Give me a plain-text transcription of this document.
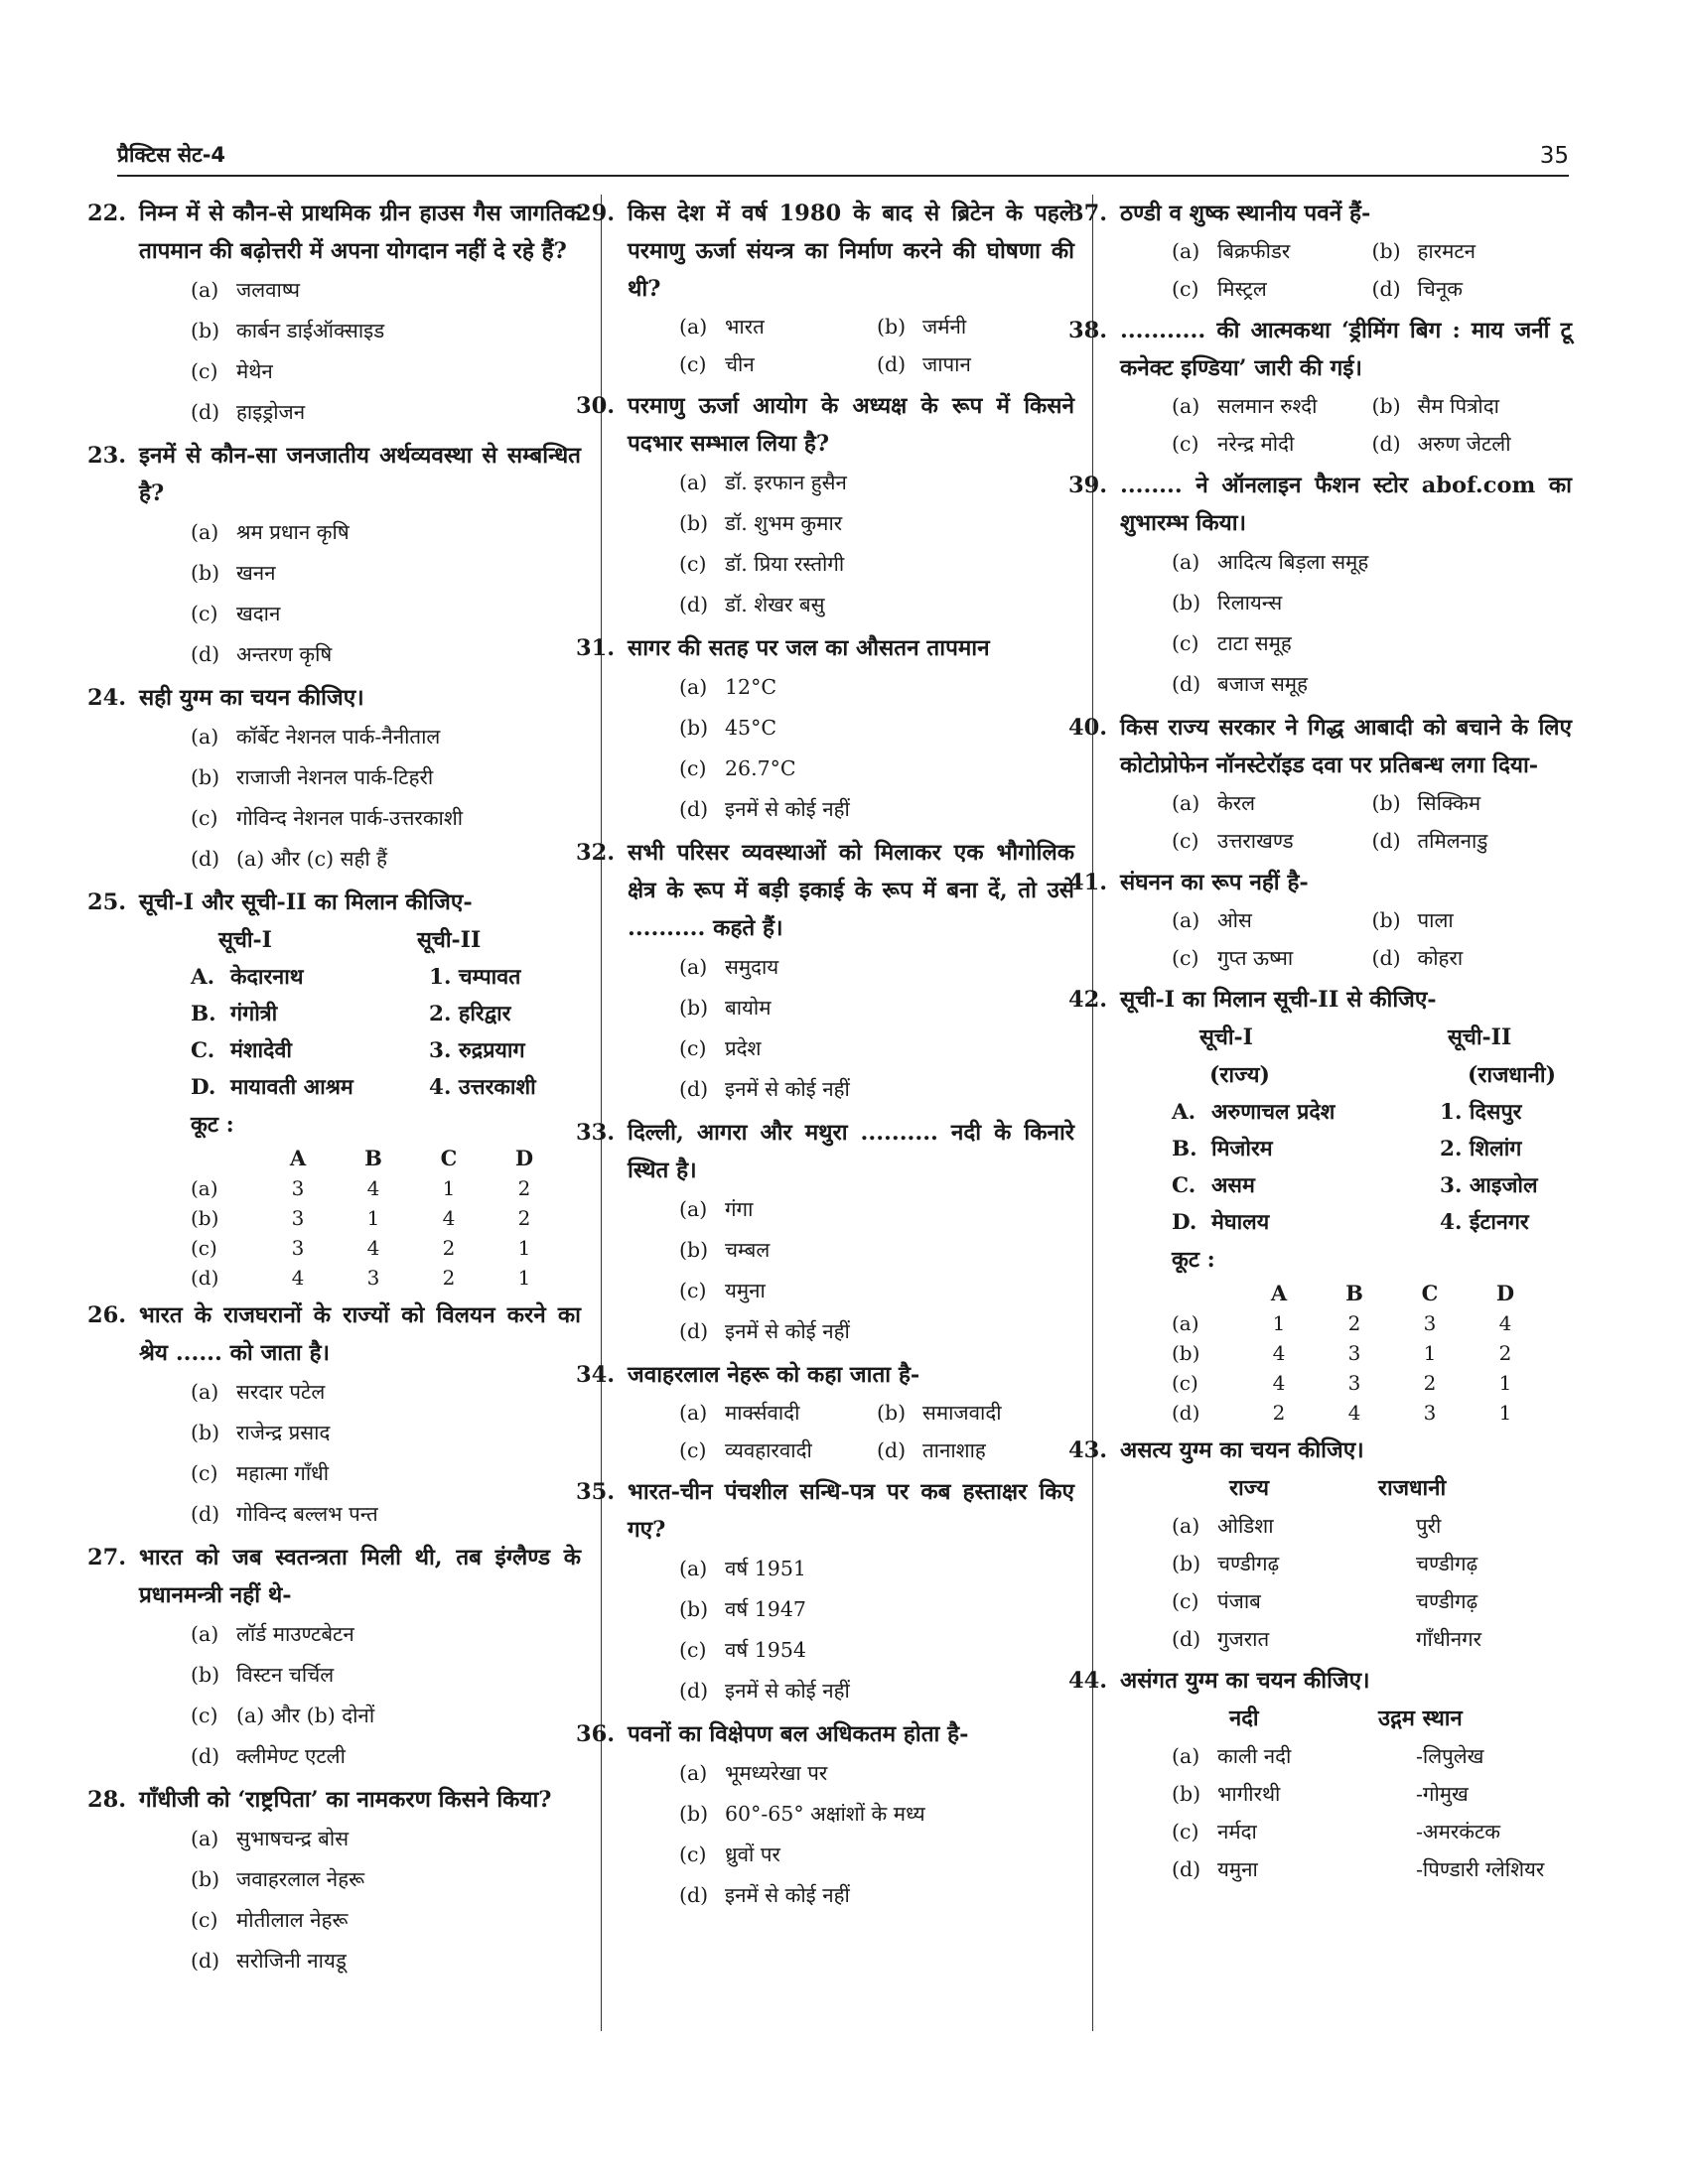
प्रैक्टिस सेट-4	35
22. निम्न में से कौन-से प्राथमिक ग्रीन हाउस गैस जागतिक तापमान की बढ़ोत्तरी में अपना योगदान नहीं दे रहे हैं?
(a) जलवाष्प
(b) कार्बन डाईऑक्साइड
(c) मेथेन
(d) हाइड्रोजन
23. इनमें से कौन-सा जनजातीय अर्थव्यवस्था से सम्बन्धित है?
(a) श्रम प्रधान कृषि
(b) खनन
(c) खदान
(d) अन्तरण कृषि
24. सही युग्म का चयन कीजिए।
(a) कॉर्बेट नेशनल पार्क-नैनीताल
(b) राजाजी नेशनल पार्क-टिहरी
(c) गोविन्द नेशनल पार्क-उत्तरकाशी
(d) (a) और (c) सही हैं
25. सूची-I और सूची-II का मिलान कीजिए-
सूची-I	सूची-II
A. केदारनाथ	1. चम्पावत
B. गंगोत्री	2. हरिद्वार
C. मंशादेवी	3. रुद्रप्रयाग
D. मायावती आश्रम	4. उत्तरकाशी
कूट :
	A	B	C	D
(a)	3	4	1	2
(b)	3	1	4	2
(c)	3	4	2	1
(d)	4	3	2	1
26. भारत के राजघरानों के राज्यों को विलयन करने का श्रेय ...... को जाता है।
(a) सरदार पटेल
(b) राजेन्द्र प्रसाद
(c) महात्मा गाँधी
(d) गोविन्द बल्लभ पन्त
27. भारत को जब स्वतन्त्रता मिली थी, तब इंग्लैण्ड के प्रधानमन्त्री नहीं थे-
(a) लॉर्ड माउण्टबेटन
(b) विस्टन चर्चिल
(c) (a) और (b) दोनों
(d) क्लीमेण्ट एटली
28. गाँधीजी को ‘राष्ट्रपिता’ का नामकरण किसने किया?
(a) सुभाषचन्द्र बोस
(b) जवाहरलाल नेहरू
(c) मोतीलाल नेहरू
(d) सरोजिनी नायडू
29. किस देश में वर्ष 1980 के बाद से ब्रिटेन के पहले परमाणु ऊर्जा संयन्त्र का निर्माण करने की घोषणा की थी?
(a) भारत	(b) जर्मनी
(c) चीन	(d) जापान
30. परमाणु ऊर्जा आयोग के अध्यक्ष के रूप में किसने पदभार सम्भाल लिया है?
(a) डॉ. इरफान हुसैन
(b) डॉ. शुभम कुमार
(c) डॉ. प्रिया रस्तोगी
(d) डॉ. शेखर बसु
31. सागर की सतह पर जल का औसतन तापमान
(a) 12°C
(b) 45°C
(c) 26.7°C
(d) इनमें से कोई नहीं
32. सभी परिसर व्यवस्थाओं को मिलाकर एक भौगोलिक क्षेत्र के रूप में बड़ी इकाई के रूप में बना दें, तो उसे .......... कहते हैं।
(a) समुदाय
(b) बायोम
(c) प्रदेश
(d) इनमें से कोई नहीं
33. दिल्ली, आगरा और मथुरा .......... नदी के किनारे स्थित है।
(a) गंगा
(b) चम्बल
(c) यमुना
(d) इनमें से कोई नहीं
34. जवाहरलाल नेहरू को कहा जाता है-
(a) मार्क्सवादी	(b) समाजवादी
(c) व्यवहारवादी	(d) तानाशाह
35. भारत-चीन पंचशील सन्धि-पत्र पर कब हस्ताक्षर किए गए?
(a) वर्ष 1951
(b) वर्ष 1947
(c) वर्ष 1954
(d) इनमें से कोई नहीं
36. पवनों का विक्षेपण बल अधिकतम होता है-
(a) भूमध्यरेखा पर
(b) 60°-65° अक्षांशों के मध्य
(c) ध्रुवों पर
(d) इनमें से कोई नहीं
37. ठण्डी व शुष्क स्थानीय पवनें हैं-
(a) बिक्रफीडर	(b) हारमटन
(c) मिस्ट्रल	(d) चिनूक
38. ........... की आत्मकथा ‘ड्रीमिंग बिग : माय जर्नी टू कनेक्ट इण्डिया’ जारी की गई।
(a) सलमान रुश्दी	(b) सैम पित्रोदा
(c) नरेन्द्र मोदी	(d) अरुण जेटली
39. ........ ने ऑनलाइन फैशन स्टोर abof.com का शुभारम्भ किया।
(a) आदित्य बिड़ला समूह
(b) रिलायन्स
(c) टाटा समूह
(d) बजाज समूह
40. किस राज्य सरकार ने गिद्ध आबादी को बचाने के लिए कोटोप्रोफेन नॉनस्टेरॉइड दवा पर प्रतिबन्ध लगा दिया-
(a) केरल	(b) सिक्किम
(c) उत्तराखण्ड	(d) तमिलनाडु
41. संघनन का रूप नहीं है-
(a) ओस	(b) पाला
(c) गुप्त ऊष्मा	(d) कोहरा
42. सूची-I का मिलान सूची-II से कीजिए-
सूची-I	सूची-II
(राज्य)	(राजधानी)
A. अरुणाचल प्रदेश	1. दिसपुर
B. मिजोरम	2. शिलांग
C. असम	3. आइजोल
D. मेघालय	4. ईटानगर
कूट :
	A	B	C	D
(a)	1	2	3	4
(b)	4	3	1	2
(c)	4	3	2	1
(d)	2	4	3	1
43. असत्य युग्म का चयन कीजिए।
राज्य	राजधानी
(a) ओडिशा	पुरी
(b) चण्डीगढ़	चण्डीगढ़
(c) पंजाब	चण्डीगढ़
(d) गुजरात	गाँधीनगर
44. असंगत युग्म का चयन कीजिए।
नदी	उद्गम स्थान
(a) काली नदी	-लिपुलेख
(b) भागीरथी	-गोमुख
(c) नर्मदा	-अमरकंटक
(d) यमुना	-पिण्डारी ग्लेशियर
